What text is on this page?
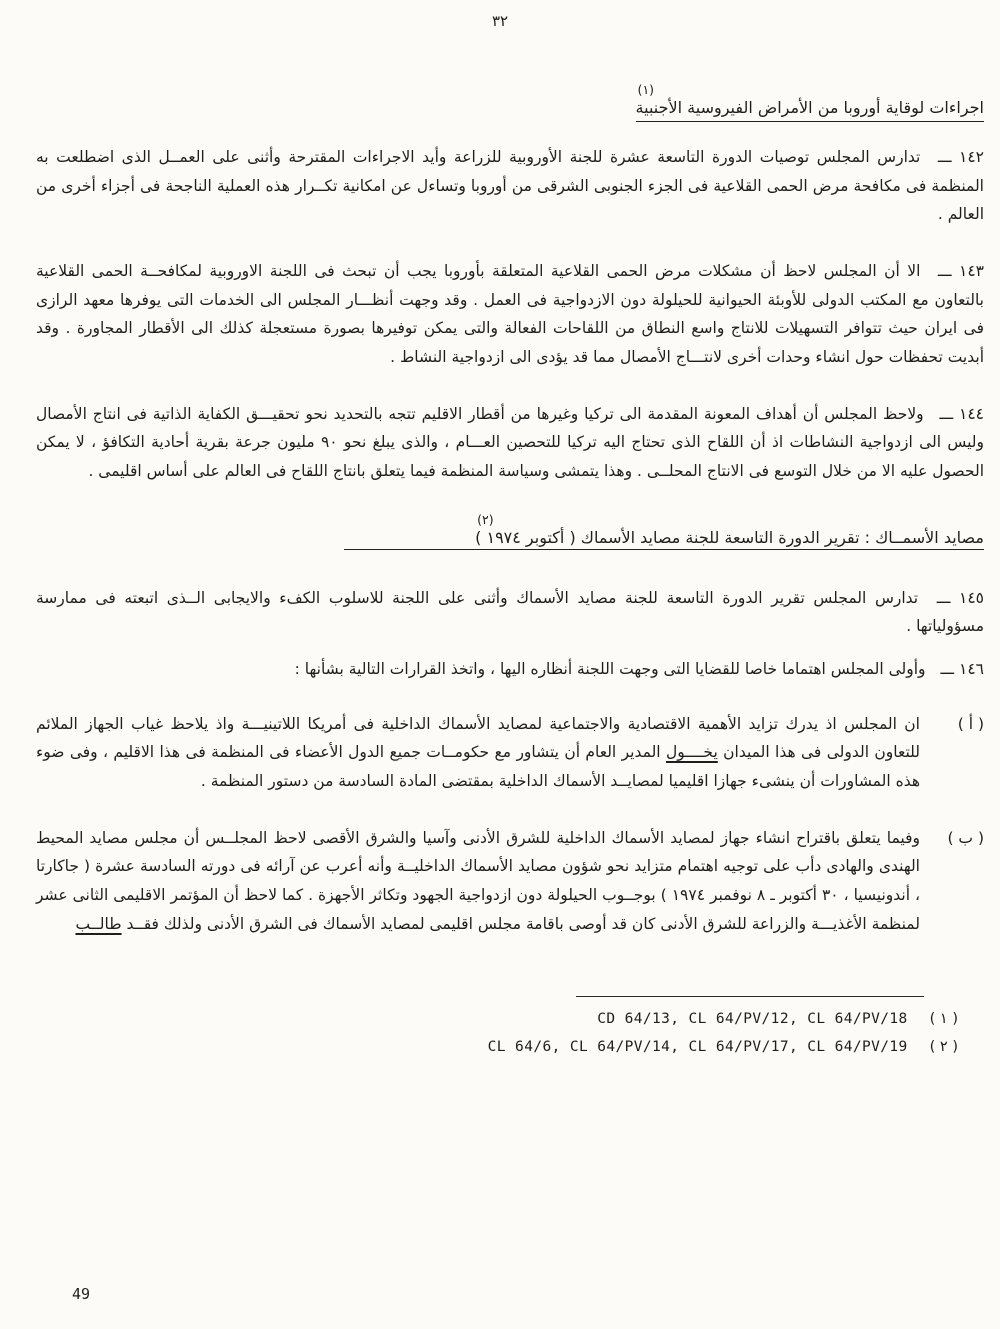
٣٢
(١)
اجراءات لوقاية أوروبا من الأمراض الفيروسية الأجنبية

١٤٢ ـــ تدارس المجلس توصيات الدورة التاسعة عشرة للجنة الأوروبية للزراعة وأيد الاجراءات المقترحة وأثنى على العمــل الذى اضطلعت به المنظمة فى مكافحة مرض الحمى القلاعية فى الجزء الجنوبى الشرقى من أوروبا وتساءل عن امكانية تكــرار هذه العملية الناجحة فى أجزاء أخرى من العالم .

١٤٣ ـــ الا أن المجلس لاحظ أن مشكلات مرض الحمى القلاعية المتعلقة بأوروبا يجب أن تبحث فى اللجنة الاوروبية لمكافحــة الحمى القلاعية بالتعاون مع المكتب الدولى للأوبئة الحيوانية للحيلولة دون الازدواجية فى العمل . وقد وجهت أنظـــار المجلس الى الخدمات التى يوفرها معهد الرازى فى ايران حيث تتوافر التسهيلات للانتاج واسع النطاق من اللقاحات الفعالة والتى يمكن توفيرها بصورة مستعجلة كذلك الى الأقطار المجاورة . وقد أبديت تحفظات حول انشاء وحدات أخرى لانتـــاج الأمصال مما قد يؤدى الى ازدواجية النشاط .

١٤٤ ـــ ولاحظ المجلس أن أهداف المعونة المقدمة الى تركيا وغيرها من أقطار الاقليم تتجه بالتحديد نحو تحقيـــق الكفاية الذاتية فى انتاج الأمصال وليس الى ازدواجية النشاطات اذ أن اللقاح الذى تحتاج اليه تركيا للتحصين العـــام ، والذى يبلغ نحو ٩٠ مليون جرعة بقرية أحادية التكافؤ ، لا يمكن الحصول عليه الا من خلال التوسع فى الانتاج المحلــى . وهذا يتمشى وسياسة المنظمة فيما يتعلق بانتاج اللقاح فى العالم على أساس اقليمى .

(٢)
مصايد الأسمــاك : تقرير الدورة التاسعة للجنة مصايد الأسماك ( أكتوبر ١٩٧٤ )

١٤٥ ـــ تدارس المجلس تقرير الدورة التاسعة للجنة مصايد الأسماك وأثنى على اللجنة للاسلوب الكفء والايجابى الــذى اتبعته فى ممارسة مسؤولياتها .

١٤٦ ـــ وأولى المجلس اهتماما خاصا للقضايا التى وجهت اللجنة أنظاره اليها ، واتخذ القرارات التالية بشأنها :

( أ )
ان المجلس اذ يدرك تزايد الأهمية الاقتصادية والاجتماعية لمصايد الأسماك الداخلية فى أمريكا اللاتينيـــة واذ يلاحظ غياب الجهاز الملائم للتعاون الدولى فى هذا الميدان يخــــول المدير العام أن يتشاور مع حكومــات جميع الدول الأعضاء فى المنظمة فى هذا الاقليم ، وفى ضوء هذه المشاورات أن ينشىء جهازا اقليميا لمصايــد الأسماك الداخلية بمقتضى المادة السادسة من دستور المنظمة .
( ب )
وفيما يتعلق باقتراح انشاء جهاز لمصايد الأسماك الداخلية للشرق الأدنى وآسيا والشرق الأقصى لاحظ المجلــس أن مجلس مصايد المحيط الهندى والهادى دأب على توجيه اهتمام متزايد نحو شؤون مصايد الأسماك الداخليــة وأنه أعرب عن آرائه فى دورته السادسة عشرة ( جاكارتا ، أندونيسيا ، ٣٠ أكتوبر ـ ٨ نوفمبر ١٩٧٤ ) بوجــوب الحيلولة دون ازدواجية الجهود وتكاثر الأجهزة . كما لاحظ أن المؤتمر الاقليمى الثانى عشر لمنظمة الأغذيـــة والزراعة للشرق الأدنى كان قد أوصى باقامة مجلس اقليمى لمصايد الأسماك فى الشرق الأدنى ولذلك فقــد طالــب
( ١ )
CD 64/13, CL 64/PV/12, CL 64/PV/18
( ٢ )
CL 64/6, CL 64/PV/14, CL 64/PV/17, CL 64/PV/19
49
